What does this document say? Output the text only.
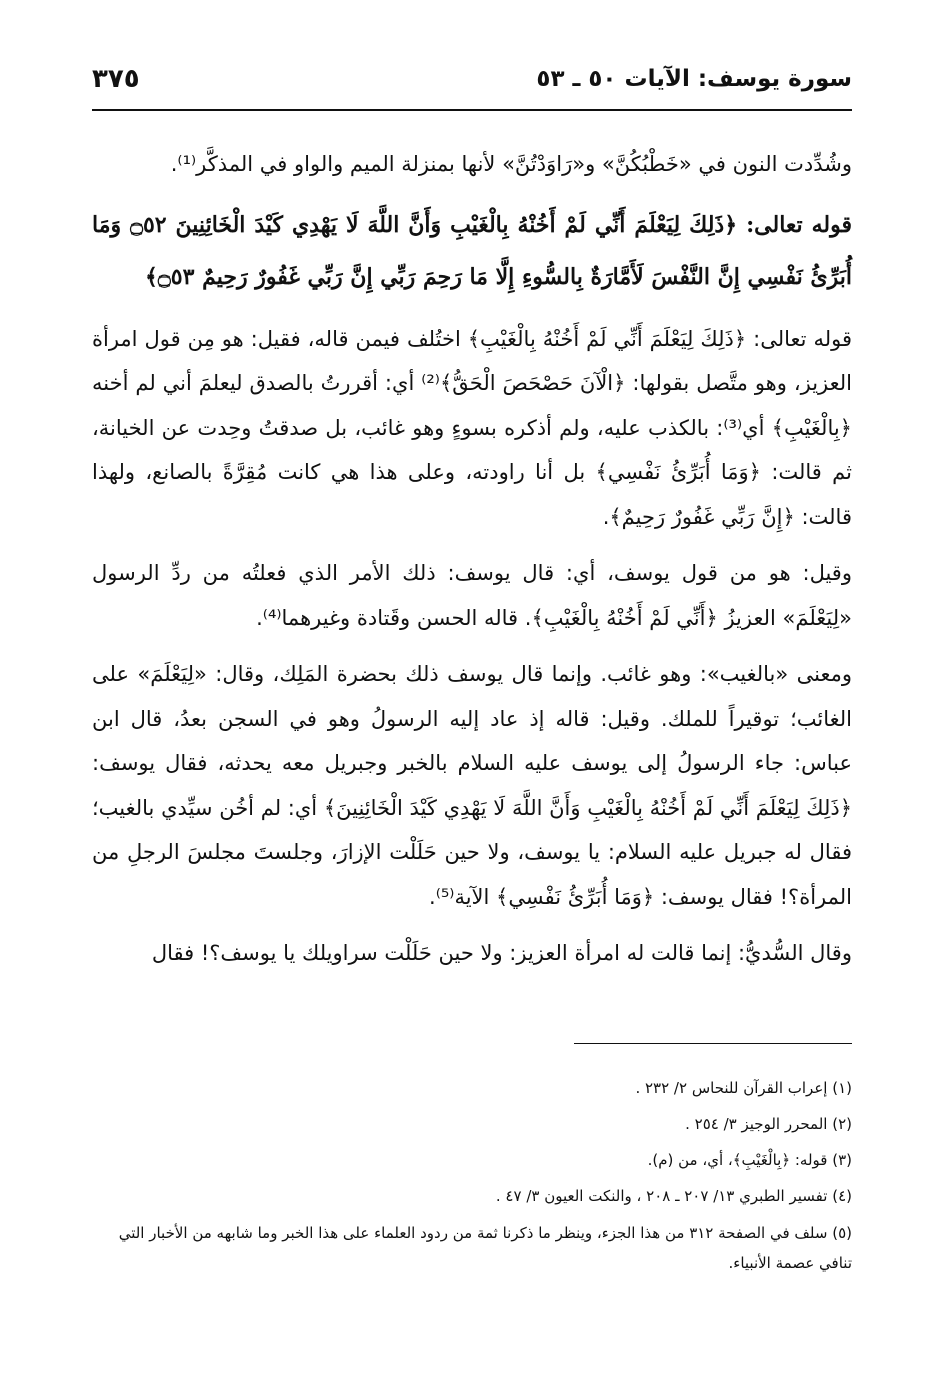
سورة يوسف: الآيات ٥٠ ـ ٥٣
٣٧٥

وشُدِّدت النون في «خَطْبُكُنَّ» و«رَاوَدْتُنَّ» لأنها بمنزلة الميم والواو في المذكَّر⁽¹⁾.

قوله تعالى: ﴿ذَلِكَ لِيَعْلَمَ أَنِّي لَمْ أَخُنْهُ بِالْغَيْبِ وَأَنَّ اللَّهَ لَا يَهْدِي كَيْدَ الْخَائِنِينَ ۝٥٢ وَمَا أُبَرِّئُ نَفْسِي إِنَّ النَّفْسَ لَأَمَّارَةٌ بِالسُّوءِ إِلَّا مَا رَحِمَ رَبِّي إِنَّ رَبِّي غَفُورٌ رَحِيمٌ ۝٥٣﴾

قوله تعالى: ﴿ذَلِكَ لِيَعْلَمَ أَنِّي لَمْ أَخُنْهُ بِالْغَيْبِ﴾ اختُلف فيمن قاله، فقيل: هو مِن قول امرأة العزيز، وهو متَّصل بقولها: ﴿الْآنَ حَصْحَصَ الْحَقُّ﴾⁽²⁾ أي: أقررتُ بالصدق ليعلمَ أني لم أخنه ﴿بِالْغَيْبِ﴾ أي⁽³⁾: بالكذب عليه، ولم أذكره بسوءٍ وهو غائب، بل صدقتُ وحِدت عن الخيانة، ثم قالت: ﴿وَمَا أُبَرِّئُ نَفْسِي﴾ بل أنا راودته، وعلى هذا هي كانت مُقِرَّةً بالصانع، ولهذا قالت: ﴿إِنَّ رَبِّي غَفُورٌ رَحِيمٌ﴾.

وقيل: هو من قول يوسف، أي: قال يوسف: ذلك الأمر الذي فعلتُه من ردِّ الرسول «لِيَعْلَمَ» العزيزُ ﴿أَنِّي لَمْ أَخُنْهُ بِالْغَيْبِ﴾. قاله الحسن وقَتادة وغيرهما⁽⁴⁾.

ومعنى «بالغيب»: وهو غائب. وإنما قال يوسف ذلك بحضرة المَلِك، وقال: «لِيَعْلَمَ» على الغائب؛ توقيراً للملك. وقيل: قاله إذ عاد إليه الرسولُ وهو في السجن بعدُ، قال ابن عباس: جاء الرسولُ إلى يوسف عليه السلام بالخبر وجبريل معه يحدثه، فقال يوسف: ﴿ذَلِكَ لِيَعْلَمَ أَنِّي لَمْ أَخُنْهُ بِالْغَيْبِ وَأَنَّ اللَّهَ لَا يَهْدِي كَيْدَ الْخَائِنِينَ﴾ أي: لم أخُن سيِّدي بالغيب؛ فقال له جبريل عليه السلام: يا يوسف، ولا حين حَلَلْت الإزارَ، وجلستَ مجلسَ الرجلِ من المرأة؟! فقال يوسف: ﴿وَمَا أُبَرِّئُ نَفْسِي﴾ الآية⁽⁵⁾.

وقال السُّديُّ: إنما قالت له امرأة العزيز: ولا حين حَلَلْت سراويلك يا يوسف؟! فقال

(١) إعراب القرآن للنحاس ٢/ ٢٣٢ .

(٢) المحرر الوجيز ٣/ ٢٥٤ .

(٣) قوله: ﴿بِالْغَيْبِ﴾، أي، من (م).

(٤) تفسير الطبري ١٣/ ٢٠٧ ـ ٢٠٨ ، والنكت العيون ٣/ ٤٧ .

(٥) سلف في الصفحة ٣١٢ من هذا الجزء، وينظر ما ذكرنا ثمة من ردود العلماء على هذا الخبر وما شابهه من الأخبار التي تنافي عصمة الأنبياء.
